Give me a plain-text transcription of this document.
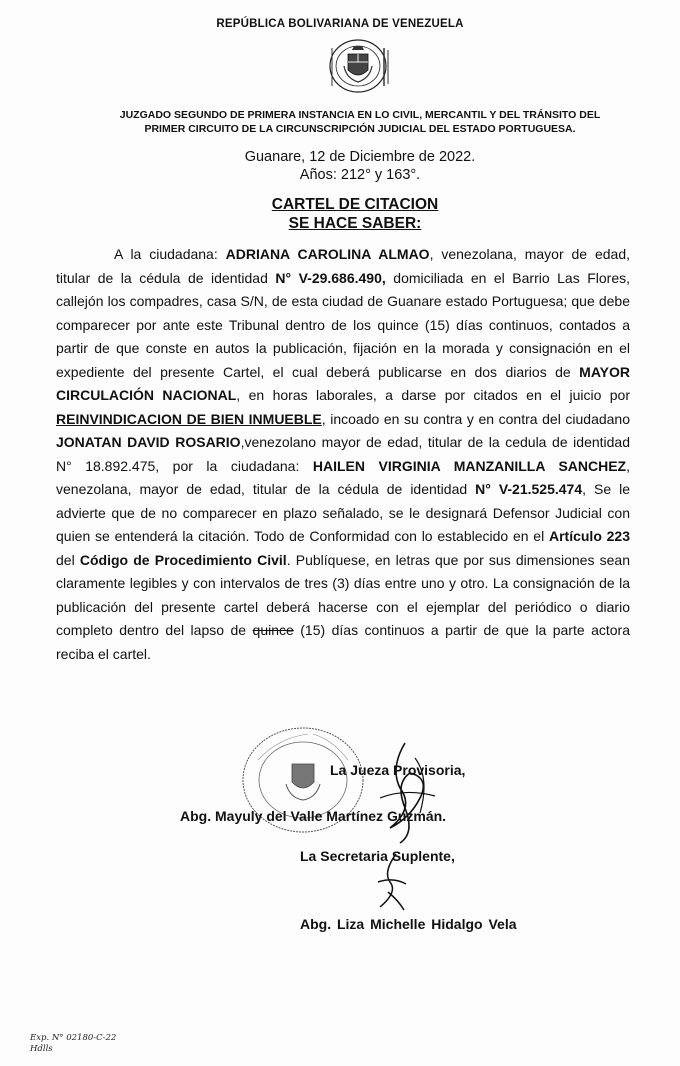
REPÚBLICA BOLIVARIANA DE VENEZUELA
JUZGADO SEGUNDO DE PRIMERA INSTANCIA EN LO CIVIL, MERCANTIL Y DEL TRÁNSITO DEL
PRIMER CIRCUITO DE LA CIRCUNSCRIPCIÓN JUDICIAL DEL ESTADO PORTUGUESA.
Guanare, 12 de Diciembre de 2022.
Años: 212° y 163°.
CARTEL DE CITACION
SE HACE SABER:

A la ciudadana: ADRIANA CAROLINA ALMAO, venezolana, mayor de edad, titular de la cédula de identidad N° V-29.686.490, domiciliada en el Barrio Las Flores, callejón los compadres, casa S/N, de esta ciudad de Guanare estado Portuguesa; que debe comparecer por ante este Tribunal dentro de los quince (15) días continuos, contados a partir de que conste en autos la publicación, fijación en la morada y consignación en el expediente del presente Cartel, el cual deberá publicarse en dos diarios de MAYOR CIRCULACIÓN NACIONAL, en horas laborales, a darse por citados en el juicio por REINVINDICACION DE BIEN INMUEBLE, incoado en su contra y en contra del ciudadano JONATAN DAVID ROSARIO,venezolano mayor de edad, titular de la cedula de identidad N° 18.892.475, por la ciudadana: HAILEN VIRGINIA MANZANILLA SANCHEZ, venezolana, mayor de edad, titular de la cédula de identidad N° V-21.525.474, Se le advierte que de no comparecer en plazo señalado, se le designará Defensor Judicial con quien se entenderá la citación. Todo de Conformidad con lo establecido en el Artículo 223 del Código de Procedimiento Civil. Publíquese, en letras que por sus dimensiones sean claramente legibles y con intervalos de tres (3) días entre uno y otro. La consignación de la publicación del presente cartel deberá hacerse con el ejemplar del periódico o diario completo dentro del lapso de quince (15) días continuos a partir de que la parte actora reciba el cartel.

La Jueza Provisoria,
Abg. Mayuly del Valle Martínez Guzmán.
La Secretaria Suplente,
Abg. Liza Michelle Hidalgo Vela
Exp. N° 02180-C-22
Hdlls
